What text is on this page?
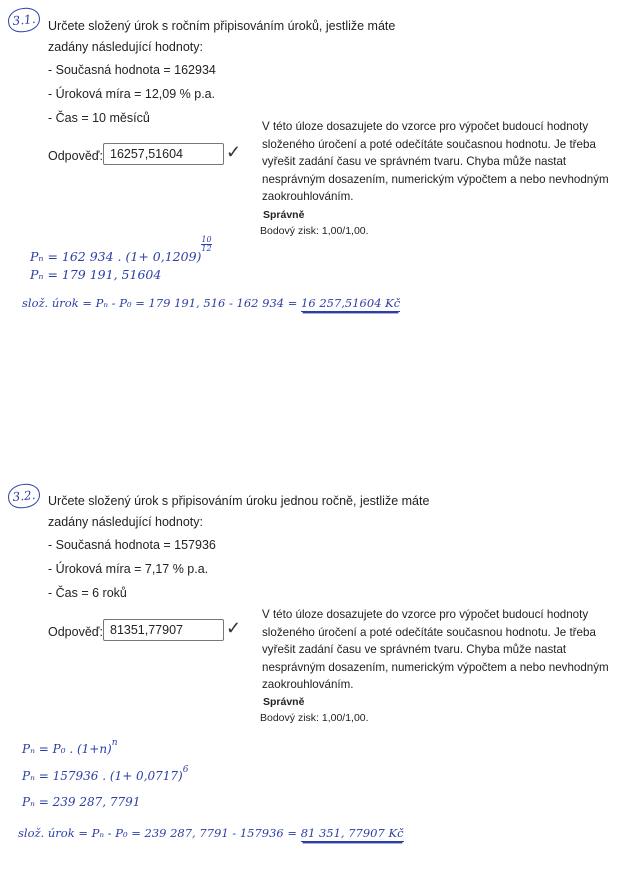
3.1. Určete složený úrok s ročním připisováním úroků, jestliže máte
zadány následující hodnoty:
- Současná hodnota = 162934
- Úroková míra = 12,09 % p.a.
- Čas = 10 měsíců
Odpověď: 16257,51604	✓
V této úloze dosazujete do vzorce pro výpočet budoucí hodnoty
složeného úročení a poté odečítáte současnou hodnotu. Je třeba
vyřešit zadání času ve správném tvaru. Chyba může nastat
nesprávným dosazením, numerickým výpočtem a nebo nevhodným
zaokrouhlováním.
Správně
Bodový zisk: 1,00/1,00.
Pₙ = 162 934 . (1+ 0,1209)
$^{\frac{10}{12}}$
Pₙ = 179 191, 51604
slož. úrok = Pₙ - P₀ = 179 191, 516 - 162 934 = 16 257,51604 Kč
3.2. Určete složený úrok s připisováním úroku jednou ročně, jestliže máte
zadány následující hodnoty:
- Současná hodnota = 157936
- Úroková míra = 7,17 % p.a.
- Čas = 6 roků
Odpověď: 81351,77907	✓
V této úloze dosazujete do vzorce pro výpočet budoucí hodnoty
složeného úročení a poté odečítáte současnou hodnotu. Je třeba
vyřešit zadání času ve správném tvaru. Chyba může nastat
nesprávným dosazením, numerickým výpočtem a nebo nevhodným
zaokrouhlováním.
Správně
Bodový zisk: 1,00/1,00.
Pₙ = P₀ . $(1+n)^n$
Pₙ = 157936 . $(1+ 0,0717)^6$
Pₙ = 239 287, 7791
slož. úrok = Pₙ - P₀ = 239 287, 7791 - 157936 = 81 351, 77907 Kč
